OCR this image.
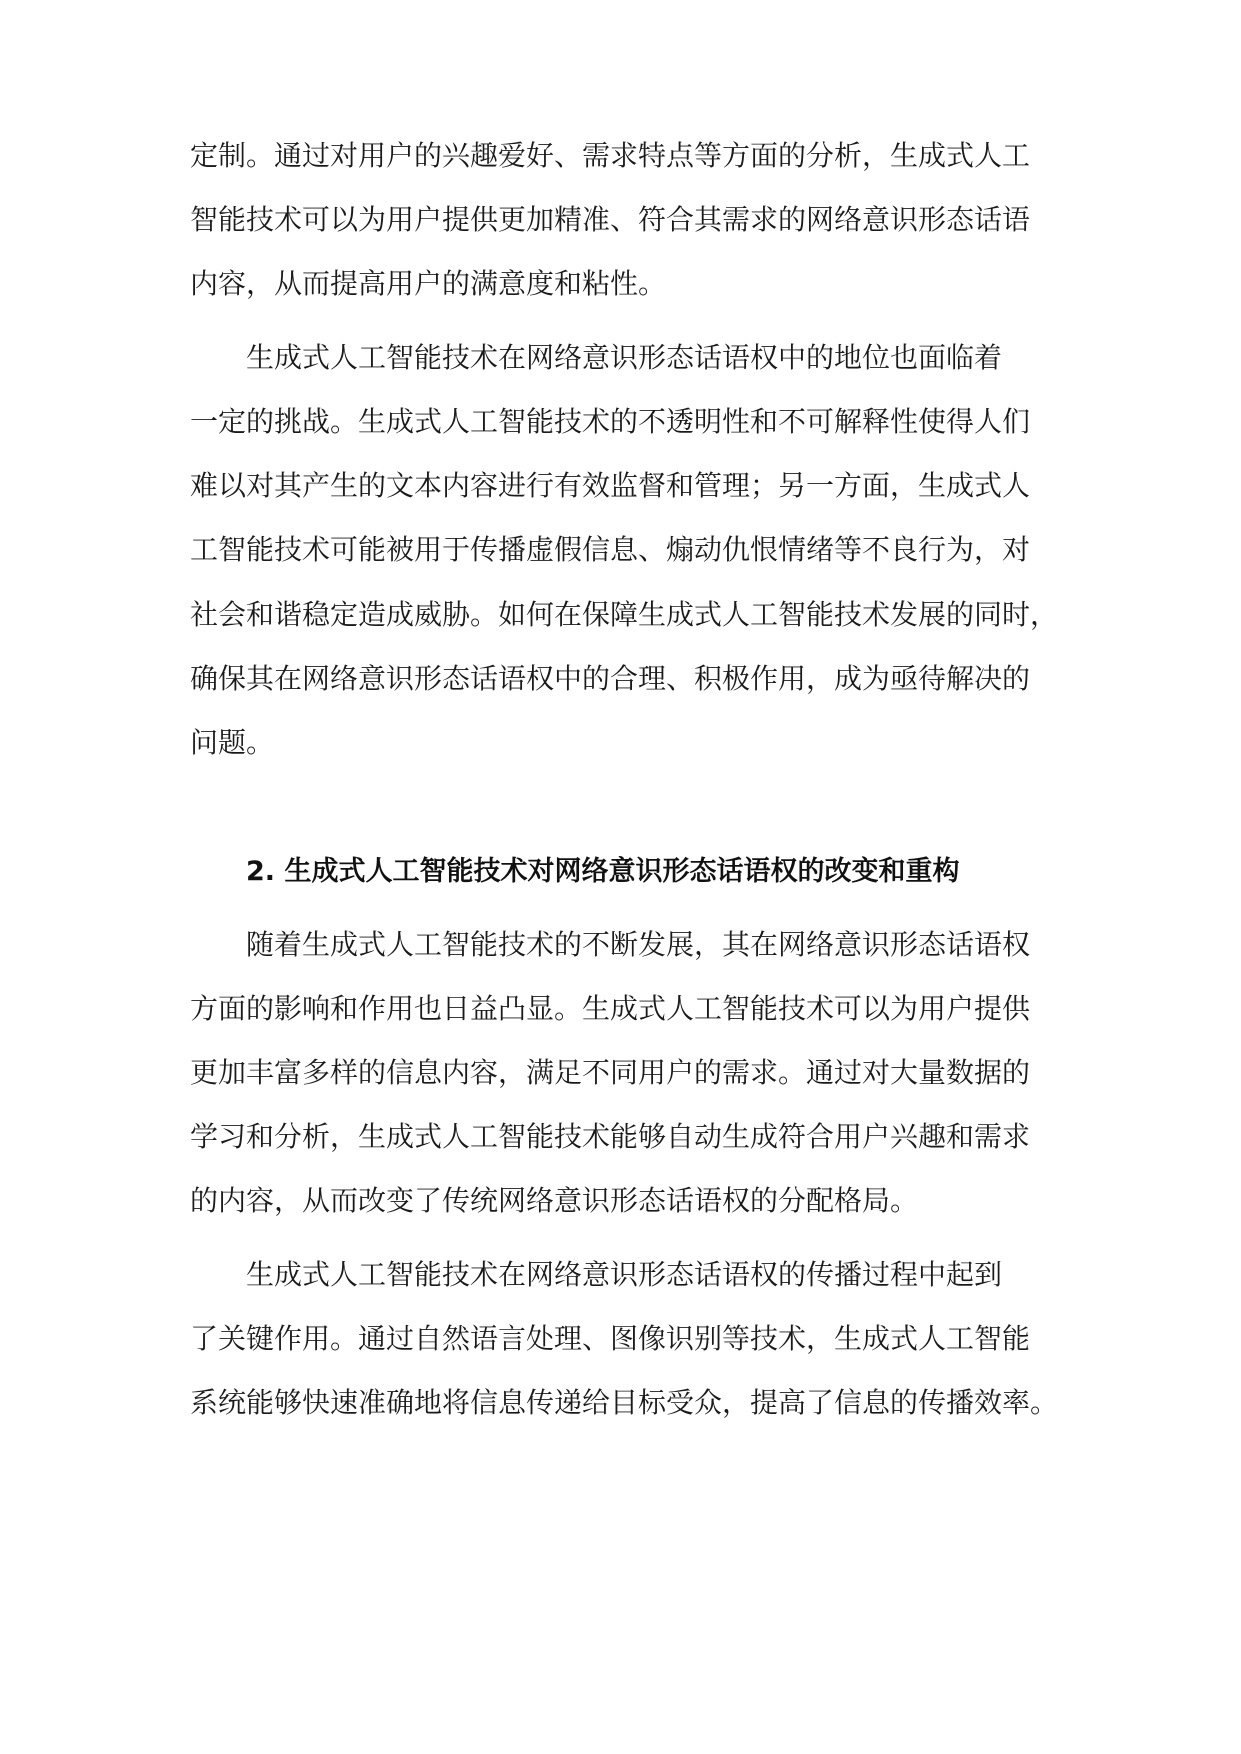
定制。通过对用户的兴趣爱好、需求特点等方面的分析，生成式人工
智能技术可以为用户提供更加精准、符合其需求的网络意识形态话语
内容，从而提高用户的满意度和粘性。
生成式人工智能技术在网络意识形态话语权中的地位也面临着
一定的挑战。生成式人工智能技术的不透明性和不可解释性使得人们
难以对其产生的文本内容进行有效监督和管理；另一方面，生成式人
工智能技术可能被用于传播虚假信息、煽动仇恨情绪等不良行为，对
社会和谐稳定造成威胁。如何在保障生成式人工智能技术发展的同时，
确保其在网络意识形态话语权中的合理、积极作用，成为亟待解决的
问题。
2. 生成式人工智能技术对网络意识形态话语权的改变和重构
随着生成式人工智能技术的不断发展，其在网络意识形态话语权
方面的影响和作用也日益凸显。生成式人工智能技术可以为用户提供
更加丰富多样的信息内容，满足不同用户的需求。通过对大量数据的
学习和分析，生成式人工智能技术能够自动生成符合用户兴趣和需求
的内容，从而改变了传统网络意识形态话语权的分配格局。
生成式人工智能技术在网络意识形态话语权的传播过程中起到
了关键作用。通过自然语言处理、图像识别等技术，生成式人工智能
系统能够快速准确地将信息传递给目标受众，提高了信息的传播效率。
